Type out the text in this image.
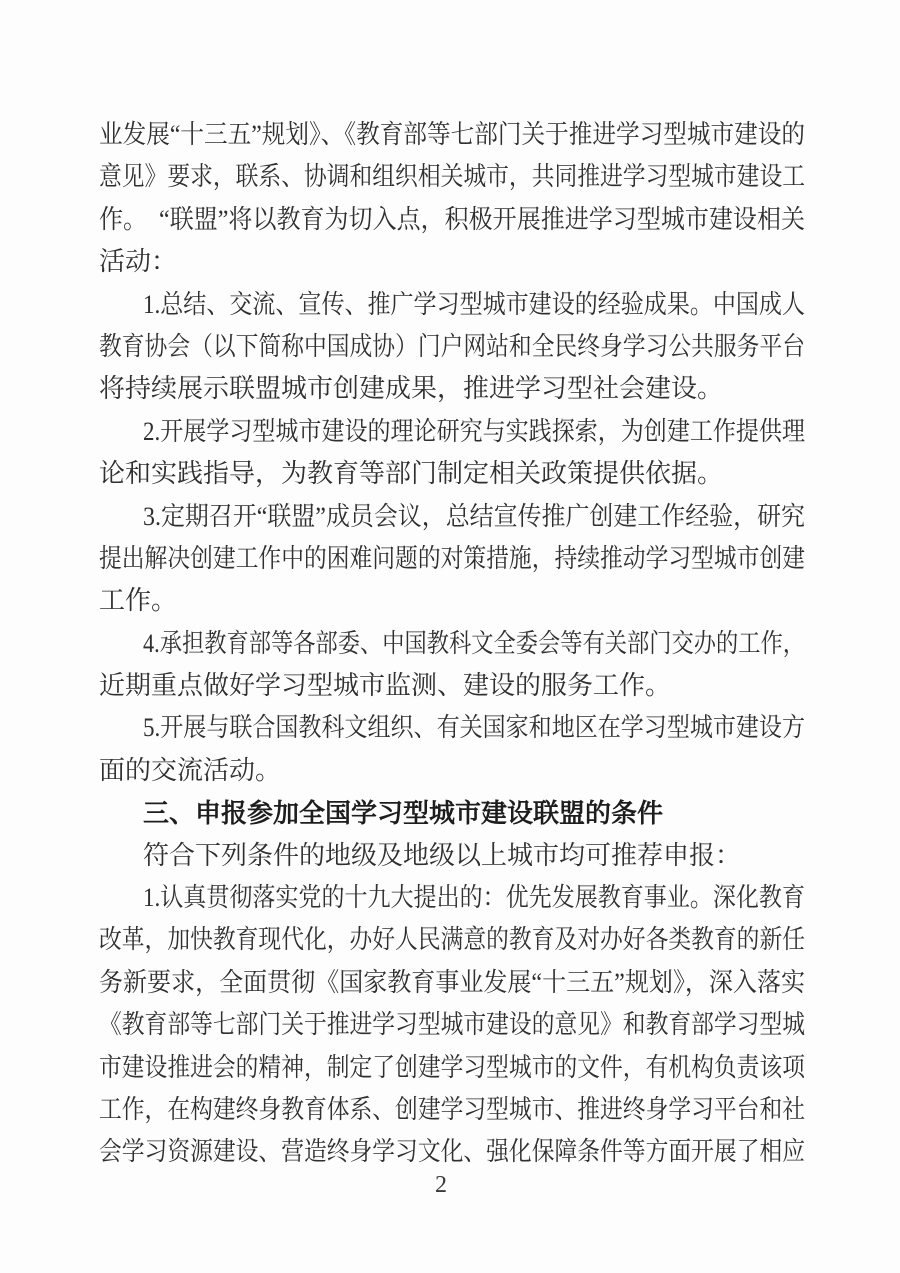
业发展“十三五”规划》、《教育部等七部门关于推进学习型城市建设的
意见》要求，联系、协调和组织相关城市，共同推进学习型城市建设工
作。　“联盟”将以教育为切入点，积极开展推进学习型城市建设相关
活动：
1.总结、交流、宣传、推广学习型城市建设的经验成果。中国成人
教育协会（以下简称中国成协）门户网站和全民终身学习公共服务平台
将持续展示联盟城市创建成果，推进学习型社会建设。
2.开展学习型城市建设的理论研究与实践探索，为创建工作提供理
论和实践指导，为教育等部门制定相关政策提供依据。
3.定期召开“联盟”成员会议，总结宣传推广创建工作经验，研究
提出解决创建工作中的困难问题的对策措施，持续推动学习型城市创建
工作。
4.承担教育部等各部委、中国教科文全委会等有关部门交办的工作，
近期重点做好学习型城市监测、建设的服务工作。
5.开展与联合国教科文组织、有关国家和地区在学习型城市建设方
面的交流活动。
三、申报参加全国学习型城市建设联盟的条件
符合下列条件的地级及地级以上城市均可推荐申报：
1.认真贯彻落实党的十九大提出的：优先发展教育事业。深化教育
改革，加快教育现代化，办好人民满意的教育及对办好各类教育的新任
务新要求，全面贯彻《国家教育事业发展“十三五”规划》，深入落实
《教育部等七部门关于推进学习型城市建设的意见》和教育部学习型城
市建设推进会的精神，制定了创建学习型城市的文件，有机构负责该项
工作，在构建终身教育体系、创建学习型城市、推进终身学习平台和社
会学习资源建设、营造终身学习文化、强化保障条件等方面开展了相应
2
